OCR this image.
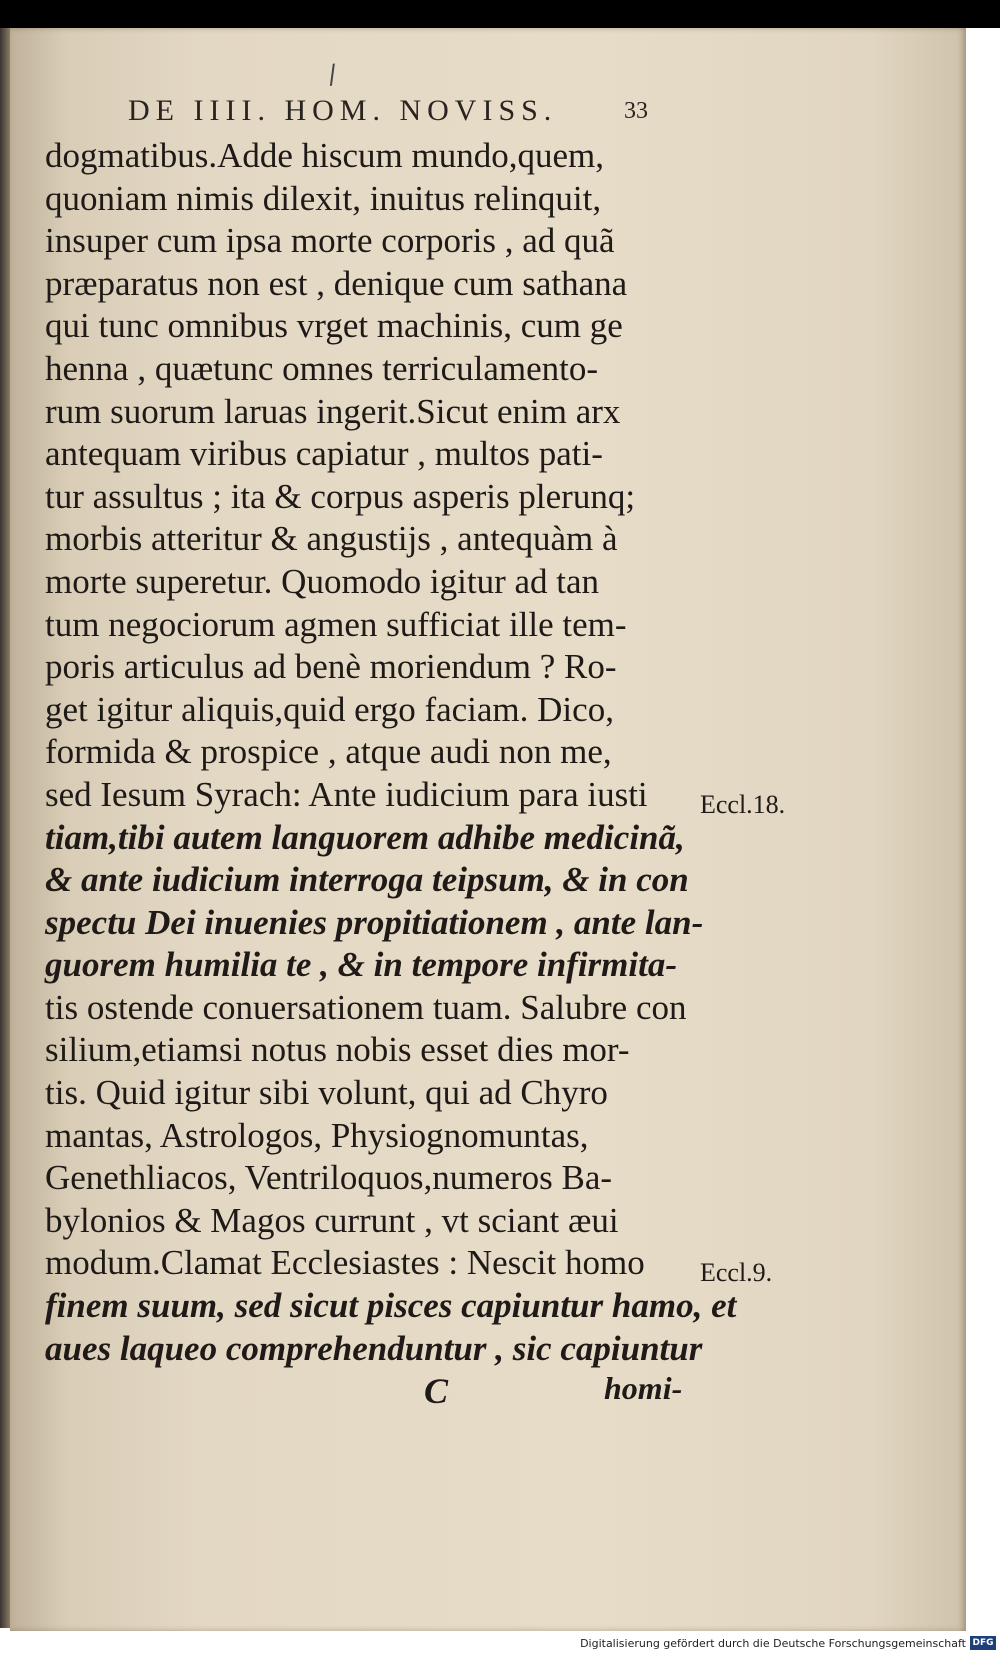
/
DE IIII. HOM. NOVISS.	33
dogmatibus.Adde hiscum mundo,quem,
quoniam nimis dilexit, inuitus relinquit,
insuper cum ipsa morte corporis , ad quã
præparatus non est , denique cum sathana
qui tunc omnibus vrget machinis, cum ge
henna , quætunc omnes terriculamento-
rum suorum laruas ingerit.Sicut enim arx
antequam viribus capiatur , multos pati-
tur assultus ; ita & corpus asperis plerunq;
morbis atteritur & angustijs , antequàm à
morte superetur. Quomodo igitur ad tan
tum negociorum agmen sufficiat ille tem-
poris articulus ad benè moriendum ? Ro-
get igitur aliquis,quid ergo faciam. Dico,
formida & prospice , atque audi non me,
sed Iesum Syrach: Ante iudicium para iusti
tiam,tibi autem languorem adhibe medicinã,
& ante iudicium interroga teipsum, & in con
spectu Dei inuenies propitiationem , ante lan-
guorem humilia te , & in tempore infirmita-
tis ostende conuersationem tuam. Salubre con
silium,etiamsi notus nobis esset dies mor-
tis. Quid igitur sibi volunt, qui ad Chyro
mantas, Astrologos, Physiognomuntas,
Genethliacos, Ventriloquos,numeros Ba-
bylonios & Magos currunt , vt sciant æui
modum.Clamat Ecclesiastes : Nescit homo
finem suum, sed sicut pisces capiuntur hamo, et
aues laqueo comprehenduntur , sic capiuntur
Eccl.18.
Eccl.9.
C	homi-
Digitalisierung gefördert durch die Deutsche Forschungsgemeinschaft DFG
